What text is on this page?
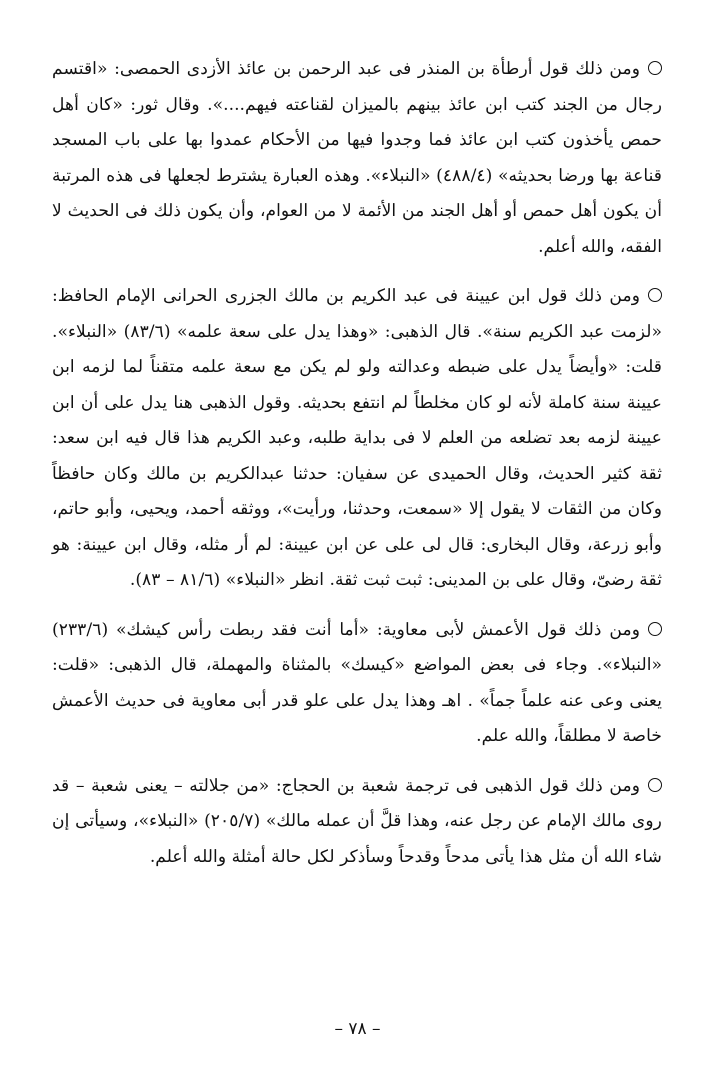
ومن ذلك قول أرطأة بن المنذر فى عبد الرحمن بن عائذ الأزدى الحمصى: «اقتسم رجال من الجند كتب ابن عائذ بينهم بالميزان لقناعته فيهم....». وقال ثور: «كان أهل حمص يأخذون كتب ابن عائذ فما وجدوا فيها من الأحكام عمدوا بها على باب المسجد قناعة بها ورضا بحديثه» (٤٨٨/٤) «النبلاء». وهذه العبارة يشترط لجعلها فى هذه المرتبة أن يكون أهل حمص أو أهل الجند من الأئمة لا من العوام، وأن يكون ذلك فى الحديث لا الفقه، والله أعلم.

ومن ذلك قول ابن عيينة فى عبد الكريم بن مالك الجزرى الحرانى الإمام الحافظ: «لزمت عبد الكريم سنة». قال الذهبى: «وهذا يدل على سعة علمه» (٨٣/٦) «النبلاء». قلت: «وأيضاً يدل على ضبطه وعدالته ولو لم يكن مع سعة علمه متقناً لما لزمه ابن عيينة سنة كاملة لأنه لو كان مخلطاً لم انتفع بحديثه. وقول الذهبى هنا يدل على أن ابن عيينة لزمه بعد تضلعه من العلم لا فى بداية طلبه، وعبد الكريم هذا قال فيه ابن سعد: ثقة كثير الحديث، وقال الحميدى عن سفيان: حدثنا عبدالكريم بن مالك وكان حافظاً وكان من الثقات لا يقول إلا «سمعت، وحدثنا، ورأيت»، ووثقه أحمد، ويحيى، وأبو حاتم، وأبو زرعة، وقال البخارى: قال لى على عن ابن عيينة: لم أر مثله، وقال ابن عيينة: هو ثقة رضىّ، وقال على بن المدينى: ثبت ثبت ثقة. انظر «النبلاء» (٨١/٦ – ٨٣).

ومن ذلك قول الأعمش لأبى معاوية: «أما أنت فقد ربطت رأس كيشك» (٢٣٣/٦) «النبلاء». وجاء فى بعض المواضع «كيسك» بالمثناة والمهملة، قال الذهبى: «قلت: يعنى وعى عنه علماً جماً» . اهـ وهذا يدل على علو قدر أبى معاوية فى حديث الأعمش خاصة لا مطلقاً، والله علم.

ومن ذلك قول الذهبى فى ترجمة شعبة بن الحجاج: «من جلالته – يعنى شعبة – قد روى مالك الإمام عن رجل عنه، وهذا قلَّ أن عمله مالك» (٢٠٥/٧) «النبلاء»، وسيأتى إن شاء الله أن مثل هذا يأتى مدحاً وقدحاً وسأذكر لكل حالة أمثلة والله أعلم.

– ٧٨ –
